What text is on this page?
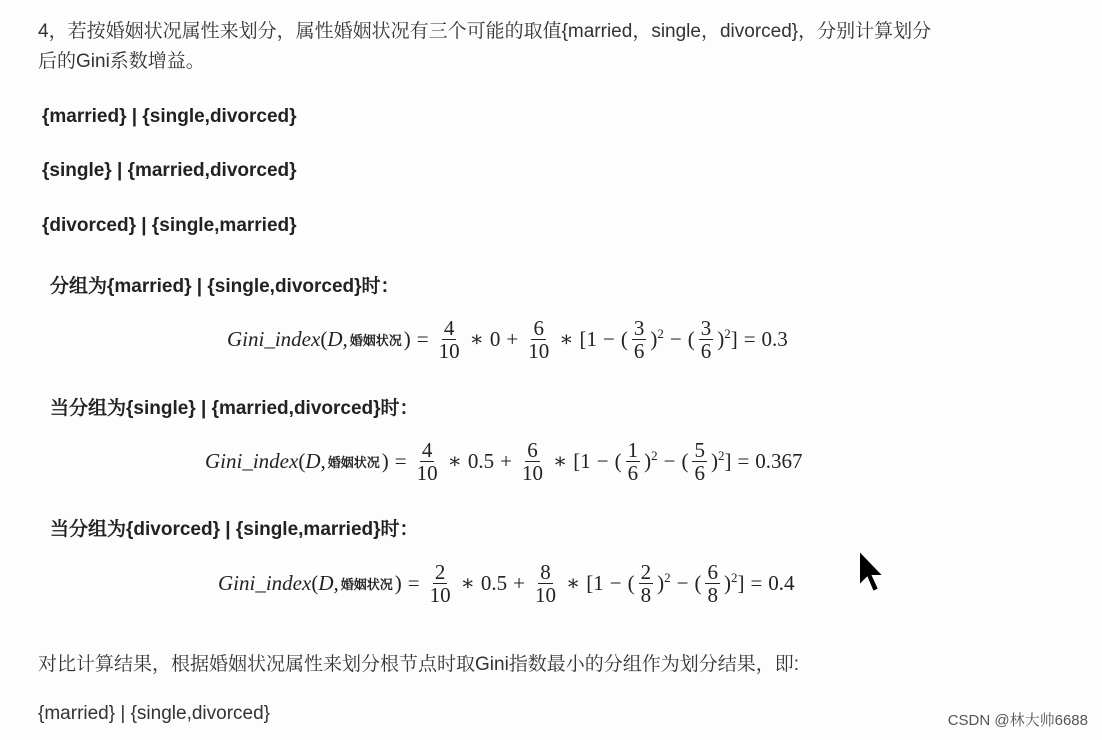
4，若按婚姻状况属性来划分，属性婚姻状况有三个可能的取值{married，single，divorced}，分别计算划分
后的Gini系数增益。
{married} | {single,divorced}
{single} | {married,divorced}
{divorced} | {single,married}
分组为{married} | {single,divorced}时：
Gini_index ( D, 婚姻状况 ) = $\frac{4}{10}$ ∗ $0 + \frac{6}{10}$ ∗ [1 − ( $\frac{3}{6} )^2$ − ( $\frac{3}{6} )^2$ ] = 0.3
当分组为{single} | {married,divorced}时：
Gini_index ( D, 婚姻状况 ) = $\frac{4}{10}$ ∗ $0.5 + \frac{6}{10}$ ∗ [1 − ( $\frac{1}{6} )^2$ − ( $\frac{5}{6} )^2$ ] = 0.367
当分组为{divorced} | {single,married}时：
Gini_index ( D, 婚姻状况 ) = $\frac{2}{10}$ ∗ $0.5 + \frac{8}{10}$ ∗ [1 − ( $\frac{2}{8} )^2$ − ( $\frac{6}{8} )^2$ ] = 0.4
对比计算结果，根据婚姻状况属性来划分根节点时取Gini指数最小的分组作为划分结果，即:
{married} | {single,divorced}	CSDN @林大帅6688
